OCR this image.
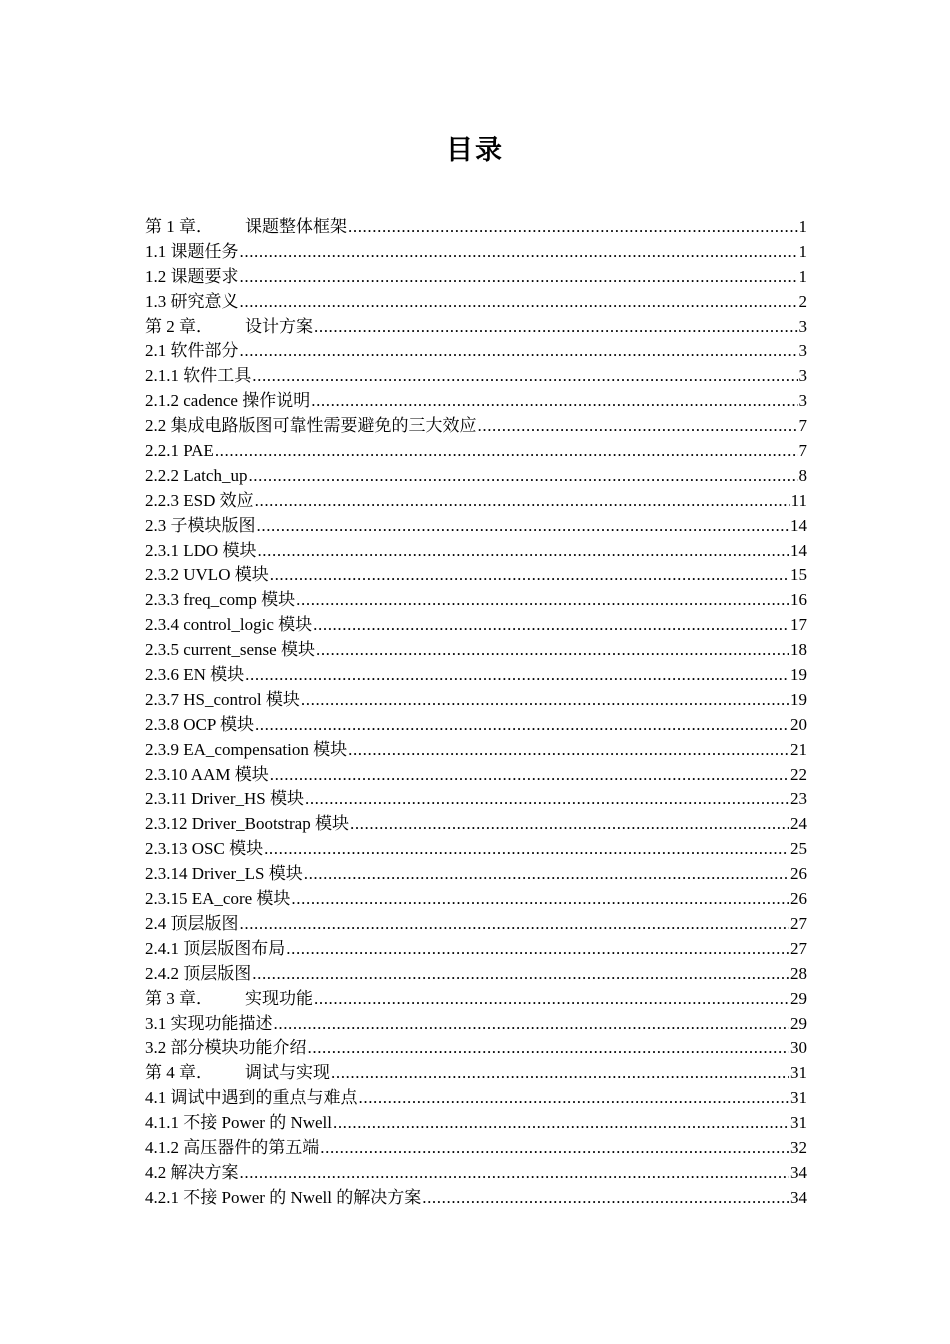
目录
第 1 章． 课题整体框架 .....	1
1.1 课题任务 .....	1
1.2 课题要求 .....	1
1.3 研究意义 .....	2
第 2 章． 设计方案 .....	3
2.1 软件部分 .....	3
2.1.1 软件工具 .....	3
2.1.2 cadence 操作说明 .....	3
2.2 集成电路版图可靠性需要避免的三大效应 .....	7
2.2.1 PAE .....	7
2.2.2 Latch_up .....	8
2.2.3 ESD 效应 .....	11
2.3 子模块版图 .....	14
2.3.1 LDO 模块 .....	14
2.3.2 UVLO 模块 .....	15
2.3.3 freq_comp 模块 .....	16
2.3.4 control_logic 模块 .....	17
2.3.5 current_sense 模块 .....	18
2.3.6 EN 模块 .....	19
2.3.7 HS_control 模块 .....	19
2.3.8 OCP 模块 .....	20
2.3.9 EA_compensation 模块 .....	21
2.3.10 AAM 模块 .....	22
2.3.11 Driver_HS 模块 .....	23
2.3.12 Driver_Bootstrap 模块 .....	24
2.3.13 OSC 模块 .....	25
2.3.14 Driver_LS 模块 .....	26
2.3.15 EA_core 模块 .....	26
2.4 顶层版图 .....	27
2.4.1 顶层版图布局 .....	27
2.4.2 顶层版图 .....	28
第 3 章． 实现功能 .....	29
3.1 实现功能描述 .....	29
3.2 部分模块功能介绍 .....	30
第 4 章． 调试与实现 .....	31
4.1 调试中遇到的重点与难点 .....	31
4.1.1 不接 Power 的 Nwell .....	31
4.1.2 高压器件的第五端 .....	32
4.2 解决方案 .....	34
4.2.1 不接 Power 的 Nwell 的解决方案 .....	34
